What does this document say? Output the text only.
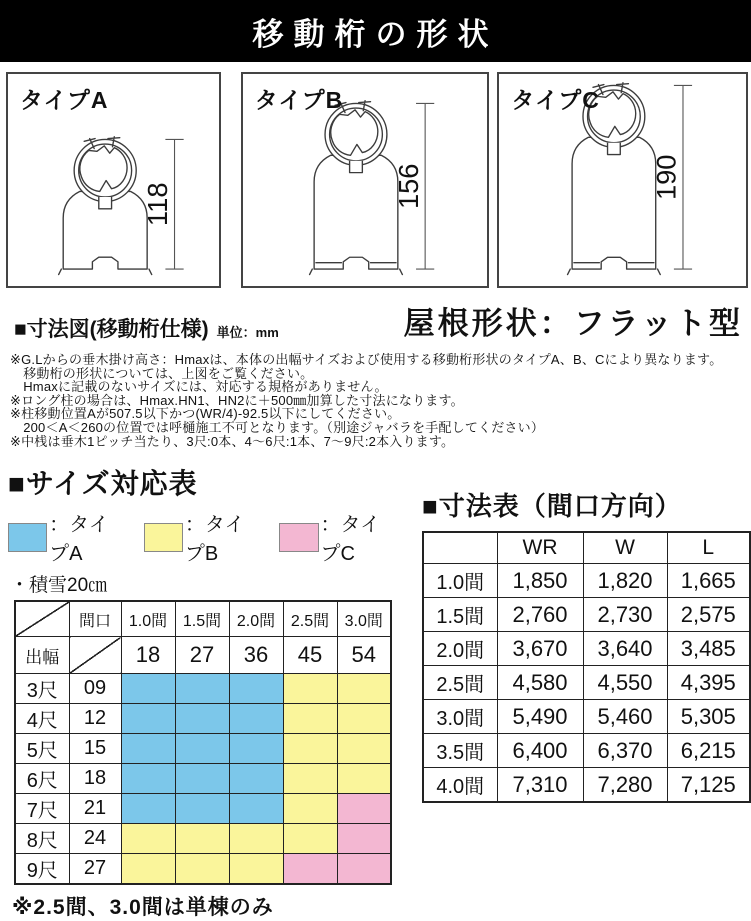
移動桁の形状
タイプA
118
タイプB
156
タイプC
190
■寸法図(移動桁仕様) 単位：mm	屋根形状：フラット型
※G.Lからの垂木掛け高さ：Hmaxは、本体の出幅サイズおよび使用する移動桁形状のタイプA、B、Cにより異なります。
　移動桁の形状については、上図をご覧ください。
　Hmaxに記載のないサイズには、対応する規格がありません。
※ロング柱の場合は、Hmax.HN1、HN2に＋500㎜加算した寸法になります。
※柱移動位置Aが507.5以下かつ(WR/4)-92.5以下にしてください。
　200＜A＜260の位置では呼樋施工不可となります。（別途ジャバラを手配してください）
※中桟は垂木1ピッチ当たり、3尺:0本、4～6尺:1本、7～9尺:2本入ります。
■サイズ対応表
：タイプA
：タイプB
：タイプC
・積雪20㎝
	間口	1.0間	1.5間	2.0間	2.5間	3.0間
出幅		18	27	36	45	54
3尺	09					
4尺	12					
5尺	15					
6尺	18					
7尺	21					
8尺	24					
9尺	27					
※2.5間、3.0間は単棟のみ
■寸法表（間口方向）
	WR	W	L
1.0間	1,850	1,820	1,665
1.5間	2,760	2,730	2,575
2.0間	3,670	3,640	3,485
2.5間	4,580	4,550	4,395
3.0間	5,490	5,460	5,305
3.5間	6,400	6,370	6,215
4.0間	7,310	7,280	7,125
